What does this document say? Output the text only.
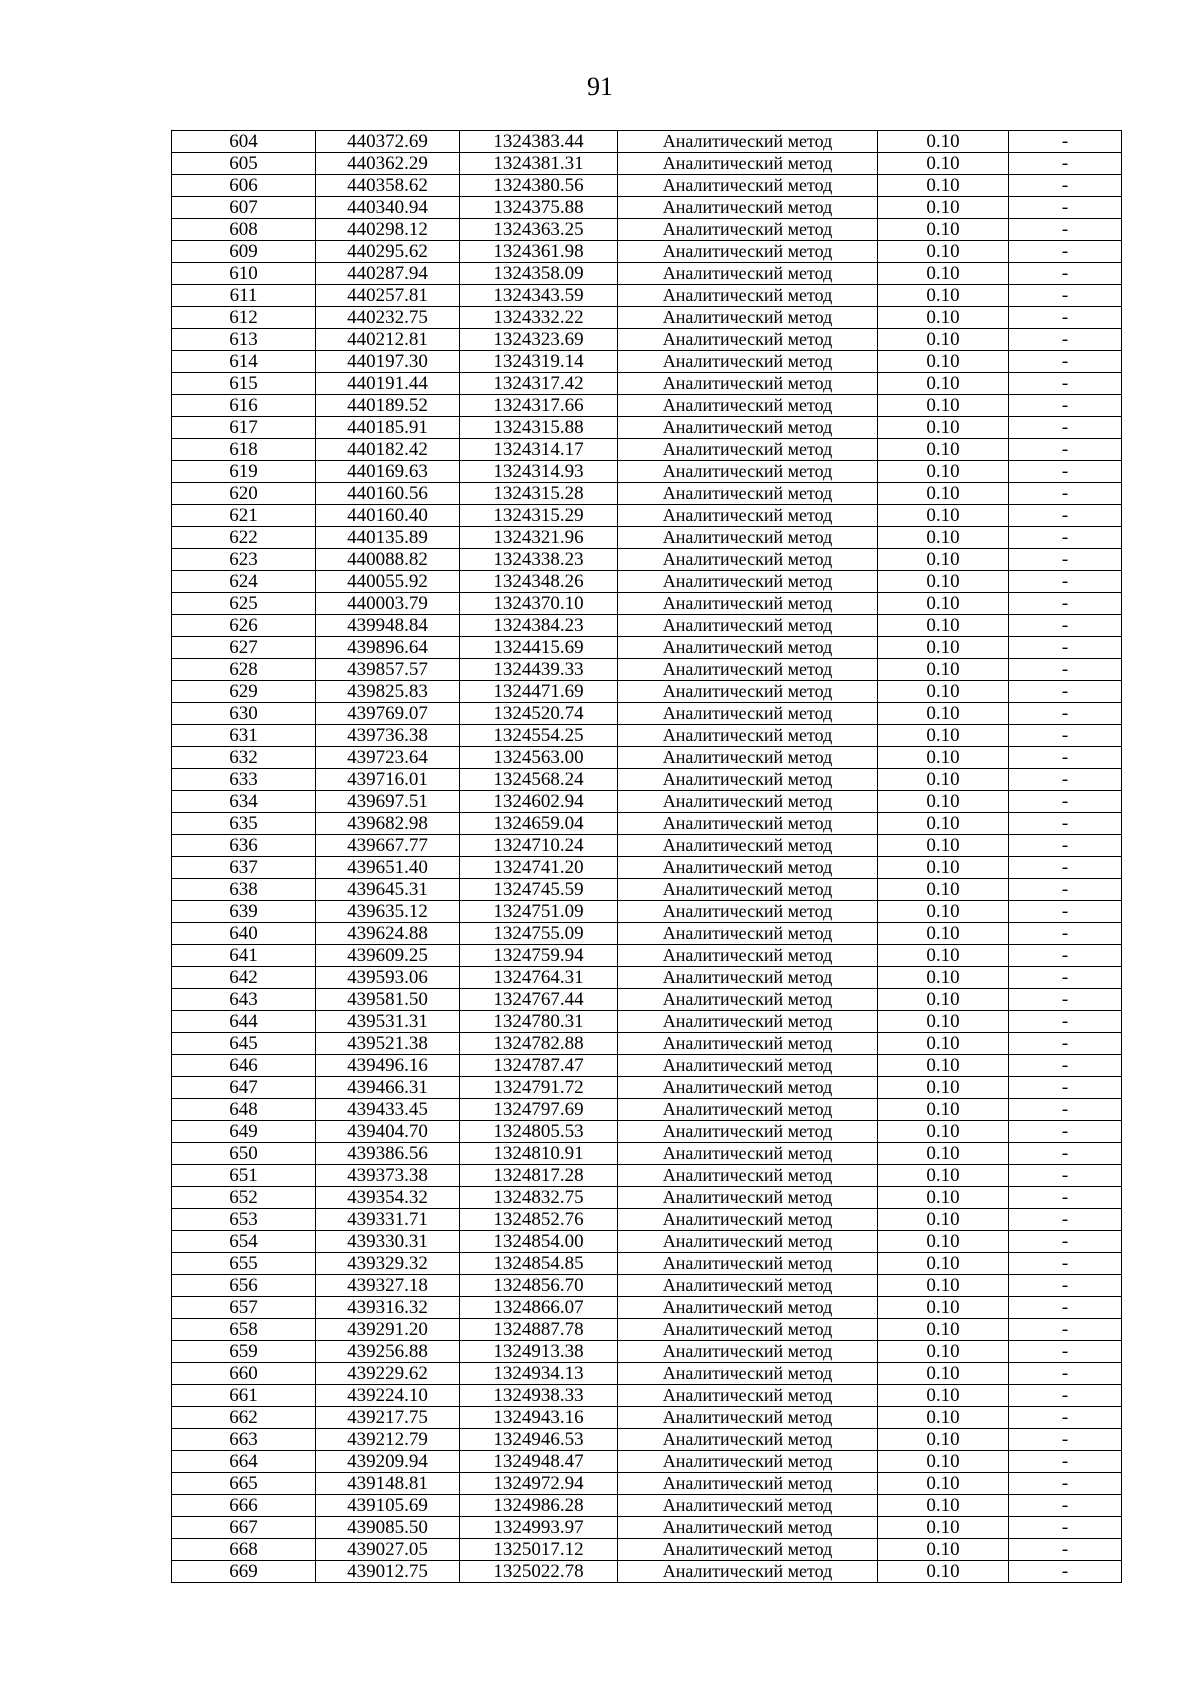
91
604	440372.69	1324383.44	Аналитический метод	0.10	-
605	440362.29	1324381.31	Аналитический метод	0.10	-
606	440358.62	1324380.56	Аналитический метод	0.10	-
607	440340.94	1324375.88	Аналитический метод	0.10	-
608	440298.12	1324363.25	Аналитический метод	0.10	-
609	440295.62	1324361.98	Аналитический метод	0.10	-
610	440287.94	1324358.09	Аналитический метод	0.10	-
611	440257.81	1324343.59	Аналитический метод	0.10	-
612	440232.75	1324332.22	Аналитический метод	0.10	-
613	440212.81	1324323.69	Аналитический метод	0.10	-
614	440197.30	1324319.14	Аналитический метод	0.10	-
615	440191.44	1324317.42	Аналитический метод	0.10	-
616	440189.52	1324317.66	Аналитический метод	0.10	-
617	440185.91	1324315.88	Аналитический метод	0.10	-
618	440182.42	1324314.17	Аналитический метод	0.10	-
619	440169.63	1324314.93	Аналитический метод	0.10	-
620	440160.56	1324315.28	Аналитический метод	0.10	-
621	440160.40	1324315.29	Аналитический метод	0.10	-
622	440135.89	1324321.96	Аналитический метод	0.10	-
623	440088.82	1324338.23	Аналитический метод	0.10	-
624	440055.92	1324348.26	Аналитический метод	0.10	-
625	440003.79	1324370.10	Аналитический метод	0.10	-
626	439948.84	1324384.23	Аналитический метод	0.10	-
627	439896.64	1324415.69	Аналитический метод	0.10	-
628	439857.57	1324439.33	Аналитический метод	0.10	-
629	439825.83	1324471.69	Аналитический метод	0.10	-
630	439769.07	1324520.74	Аналитический метод	0.10	-
631	439736.38	1324554.25	Аналитический метод	0.10	-
632	439723.64	1324563.00	Аналитический метод	0.10	-
633	439716.01	1324568.24	Аналитический метод	0.10	-
634	439697.51	1324602.94	Аналитический метод	0.10	-
635	439682.98	1324659.04	Аналитический метод	0.10	-
636	439667.77	1324710.24	Аналитический метод	0.10	-
637	439651.40	1324741.20	Аналитический метод	0.10	-
638	439645.31	1324745.59	Аналитический метод	0.10	-
639	439635.12	1324751.09	Аналитический метод	0.10	-
640	439624.88	1324755.09	Аналитический метод	0.10	-
641	439609.25	1324759.94	Аналитический метод	0.10	-
642	439593.06	1324764.31	Аналитический метод	0.10	-
643	439581.50	1324767.44	Аналитический метод	0.10	-
644	439531.31	1324780.31	Аналитический метод	0.10	-
645	439521.38	1324782.88	Аналитический метод	0.10	-
646	439496.16	1324787.47	Аналитический метод	0.10	-
647	439466.31	1324791.72	Аналитический метод	0.10	-
648	439433.45	1324797.69	Аналитический метод	0.10	-
649	439404.70	1324805.53	Аналитический метод	0.10	-
650	439386.56	1324810.91	Аналитический метод	0.10	-
651	439373.38	1324817.28	Аналитический метод	0.10	-
652	439354.32	1324832.75	Аналитический метод	0.10	-
653	439331.71	1324852.76	Аналитический метод	0.10	-
654	439330.31	1324854.00	Аналитический метод	0.10	-
655	439329.32	1324854.85	Аналитический метод	0.10	-
656	439327.18	1324856.70	Аналитический метод	0.10	-
657	439316.32	1324866.07	Аналитический метод	0.10	-
658	439291.20	1324887.78	Аналитический метод	0.10	-
659	439256.88	1324913.38	Аналитический метод	0.10	-
660	439229.62	1324934.13	Аналитический метод	0.10	-
661	439224.10	1324938.33	Аналитический метод	0.10	-
662	439217.75	1324943.16	Аналитический метод	0.10	-
663	439212.79	1324946.53	Аналитический метод	0.10	-
664	439209.94	1324948.47	Аналитический метод	0.10	-
665	439148.81	1324972.94	Аналитический метод	0.10	-
666	439105.69	1324986.28	Аналитический метод	0.10	-
667	439085.50	1324993.97	Аналитический метод	0.10	-
668	439027.05	1325017.12	Аналитический метод	0.10	-
669	439012.75	1325022.78	Аналитический метод	0.10	-
